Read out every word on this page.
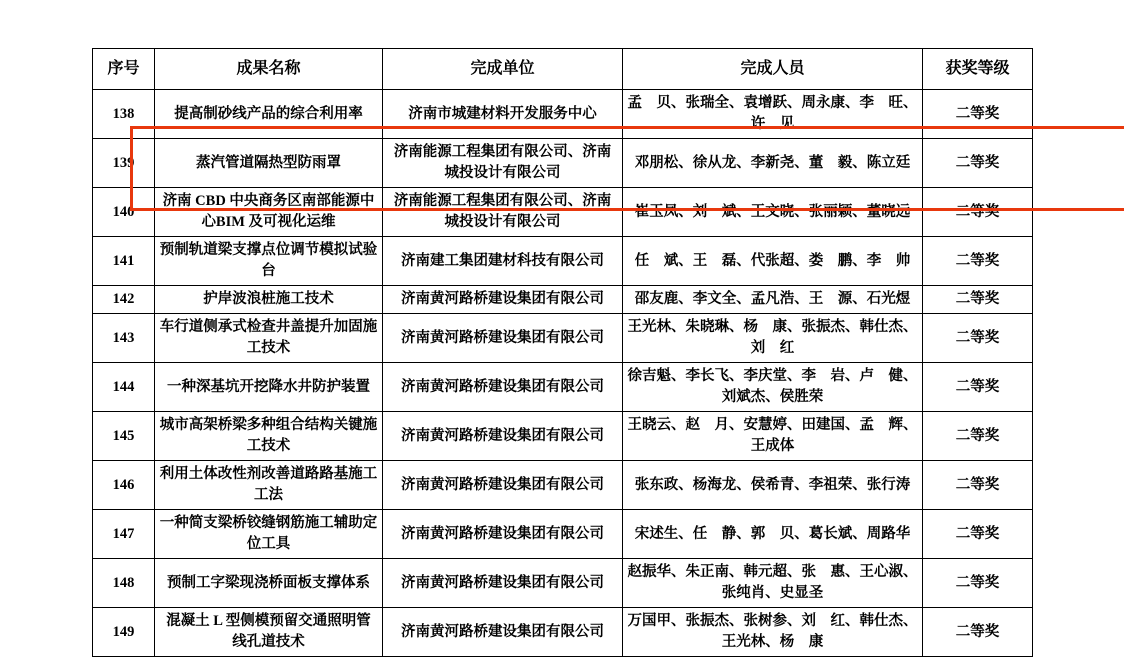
序号	成果名称	完成单位	完成人员	获奖等级
138	提高制砂线产品的综合利用率	济南市城建材料开发服务中心	孟　贝、张瑞全、袁增跃、周永康、李　旺、许　见	二等奖
139	蒸汽管道隔热型防雨罩	济南能源工程集团有限公司、济南城投设计有限公司	邓朋松、徐从龙、李新尧、董　毅、陈立廷	二等奖
140	济南 CBD 中央商务区南部能源中心BIM 及可视化运维	济南能源工程集团有限公司、济南城投设计有限公司	崔玉凤、刘　斌、王文晓、张丽颖、董晓远	二等奖
141	预制轨道梁支撑点位调节模拟试验台	济南建工集团建材科技有限公司	任　斌、王　磊、代张超、娄　鹏、李　帅	二等奖
142	护岸波浪桩施工技术	济南黄河路桥建设集团有限公司	邵友鹿、李文全、孟凡浩、王　源、石光煜	二等奖
143	车行道侧承式检查井盖提升加固施工技术	济南黄河路桥建设集团有限公司	王光林、朱晓琳、杨　康、张振杰、韩仕杰、刘　红	二等奖
144	一种深基坑开挖降水井防护装置	济南黄河路桥建设集团有限公司	徐吉魁、李长飞、李庆堂、李　岩、卢　健、刘斌杰、侯胜荣	二等奖
145	城市高架桥梁多种组合结构关键施工技术	济南黄河路桥建设集团有限公司	王晓云、赵　月、安慧婷、田建国、孟　辉、王成体	二等奖
146	利用土体改性剂改善道路路基施工工法	济南黄河路桥建设集团有限公司	张东政、杨海龙、侯希青、李祖荣、张行涛	二等奖
147	一种简支梁桥铰缝钢筋施工辅助定位工具	济南黄河路桥建设集团有限公司	宋述生、任　静、郭　贝、葛长斌、周路华	二等奖
148	预制工字梁现浇桥面板支撑体系	济南黄河路桥建设集团有限公司	赵振华、朱正南、韩元超、张　惠、王心淑、张纯肖、史显圣	二等奖
149	混凝土 L 型侧模预留交通照明管线孔道技术	济南黄河路桥建设集团有限公司	万国甲、张振杰、张树参、刘　红、韩仕杰、王光林、杨　康	二等奖
